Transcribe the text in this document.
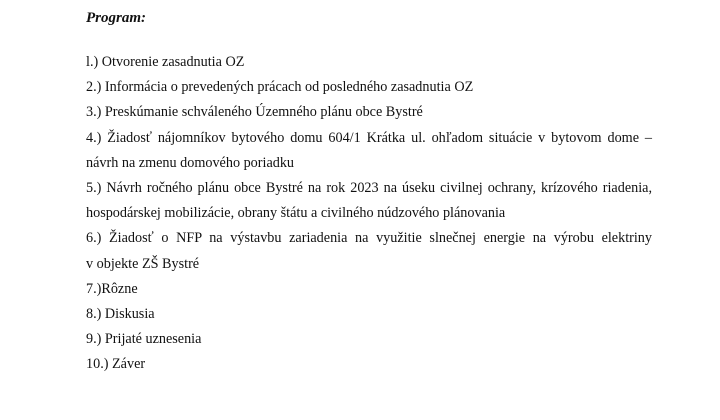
Program:
l.) Otvorenie zasadnutia OZ
2.) Informácia o prevedených prácach od posledného zasadnutia OZ
3.) Preskúmanie schváleného Územného plánu obce Bystré
4.) Žiadosť nájomníkov bytového domu 604/1 Krátka ul. ohľadom situácie v bytovom dome –
návrh na zmenu domového poriadku
5.) Návrh ročného plánu obce Bystré na rok 2023 na úseku civilnej ochrany, krízového riadenia,
hospodárskej mobilizácie, obrany štátu a civilného núdzového plánovania
6.) Žiadosť o NFP na výstavbu zariadenia na využitie slnečnej energie na výrobu elektriny
v objekte ZŠ Bystré
7.)Rôzne
8.) Diskusia
9.) Prijaté uznesenia
10.) Záver
